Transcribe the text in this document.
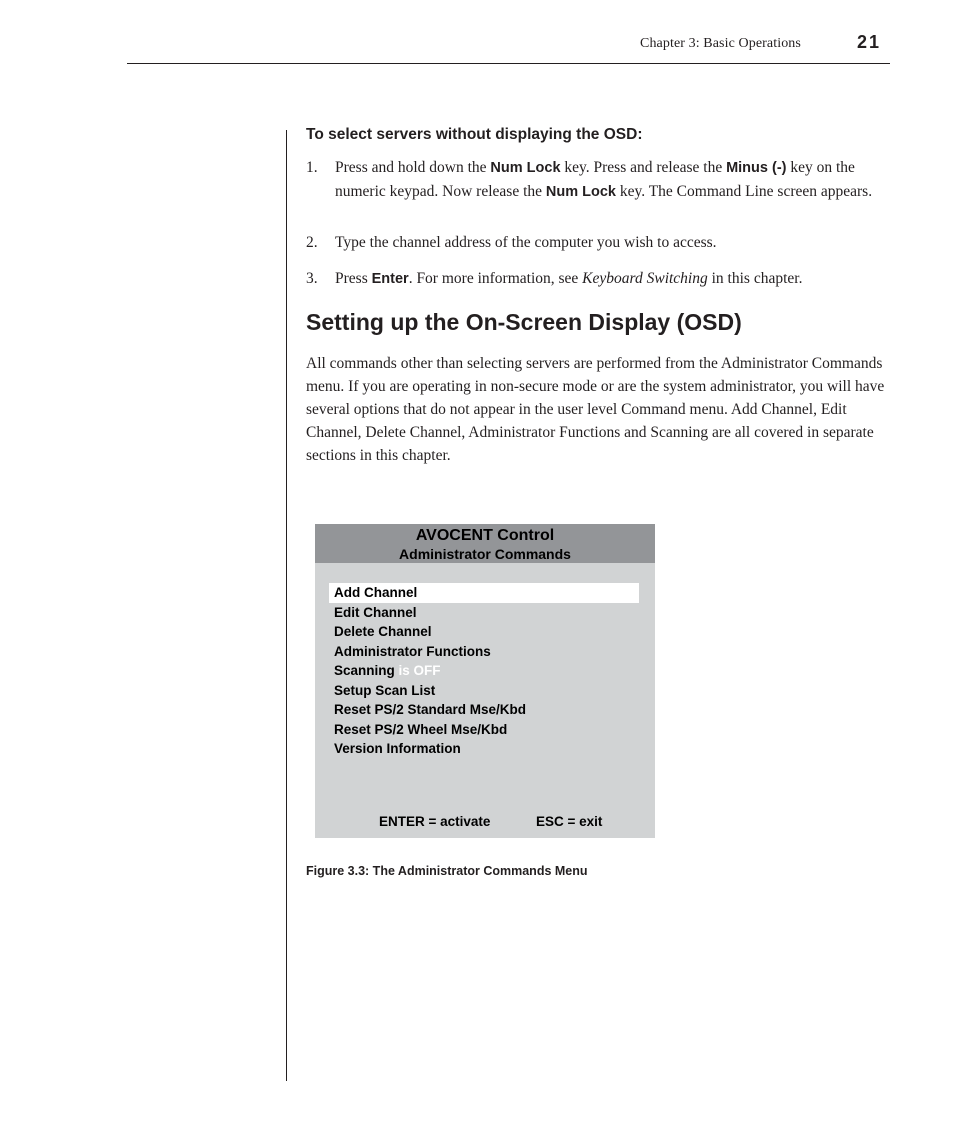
Chapter 3: Basic Operations	21
To select servers without displaying the OSD:
1. Press and hold down the Num Lock key. Press and release the Minus (-) key on the numeric keypad. Now release the Num Lock key. The Command Line screen appears.
2. Type the channel address of the computer you wish to access.
3. Press Enter. For more information, see Keyboard Switching in this chapter.
Setting up the On-Screen Display (OSD)
All commands other than selecting servers are performed from the Administrator Commands menu. If you are operating in non-secure mode or are the system administrator, you will have several options that do not appear in the user level Command menu. Add Channel, Edit Channel, Delete Channel, Administrator Functions and Scanning are all covered in separate sections in this chapter.
AVOCENT Control
Administrator Commands
Add Channel
Edit Channel
Delete Channel
Administrator Functions
Scanning is OFF
Setup Scan List
Reset PS/2 Standard Mse/Kbd
Reset PS/2 Wheel Mse/Kbd
Version Information
ENTER = activate	ESC = exit
Figure 3.3: The Administrator Commands Menu
